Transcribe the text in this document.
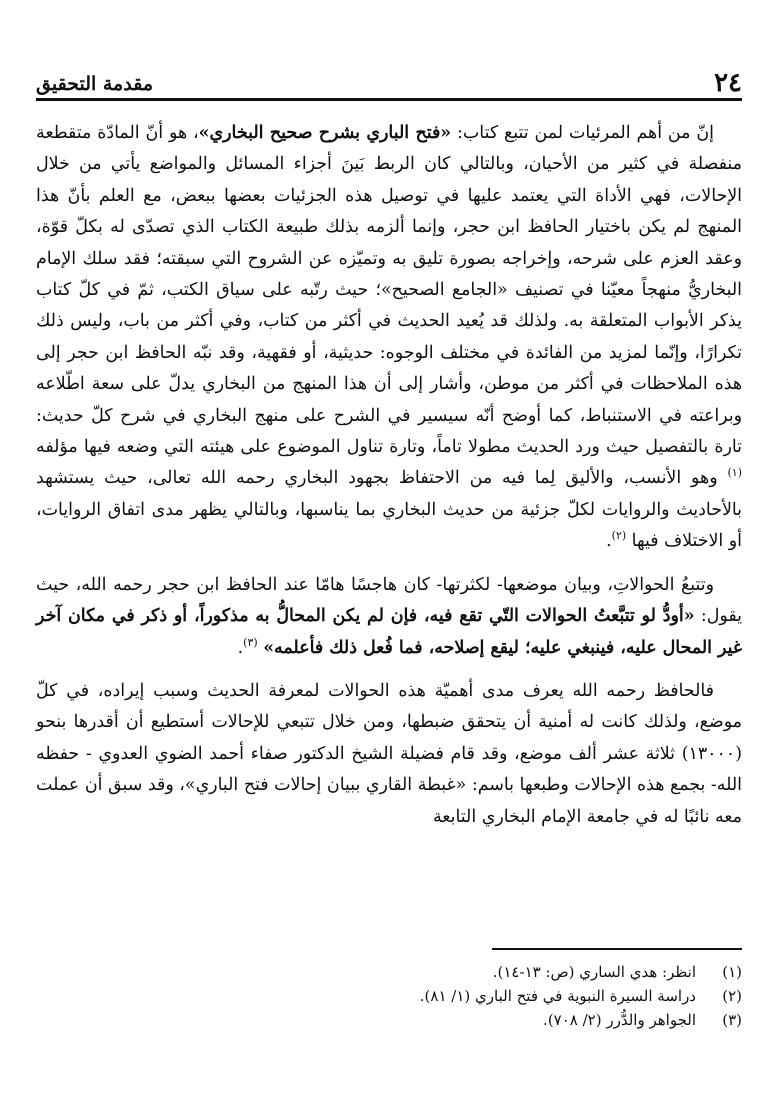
٢٤
مقدمة التحقيق

إنّ من أهم المرئيات لمن تتبع كتاب: «فتح الباري بشرح صحيح البخاري»، هو أنّ المادّة متقطعة منفصلة في كثير من الأحيان، وبالتالي كان الربط بَينَ أجزاء المسائل والمواضع يأتي من خلال الإحالات، فهي الأداة التي يعتمد عليها في توصيل هذه الجزئيات بعضها ببعض، مع العلم بأنّ هذا المنهج لم يكن باختيار الحافظ ابن حجر، وإنما ألزمه بذلك طبيعة الكتاب الذي تصدّى له بكلّ قوّة، وعقد العزم على شرحه، وإخراجه بصورة تليق به وتميّزه عن الشروح التي سبقته؛ فقد سلك الإمام البخاريُّ منهجاً معيّنا في تصنيف «الجامع الصحيح»؛ حيث رتّبه على سياق الكتب، ثمّ في كلّ كتاب يذكر الأبواب المتعلقة به. ولذلك قد يُعيد الحديث في أكثر من كتاب، وفي أكثر من باب، وليس ذلك تكرارًا، وإنّما لمزيد من الفائدة في مختلف الوجوه: حديثية، أو فقهية، وقد نبّه الحافظ ابن حجر إلى هذه الملاحظات في أكثر من موطن، وأشار إلى أن هذا المنهج من البخاري يدلّ على سعة اطّلاعه وبراعته في الاستنباط، كما أوضح أنّه سيسير في الشرح على منهج البخاري في شرح كلّ حديث: تارة بالتفصيل حيث ورد الحديث مطولا تاماً، وتارة تناول الموضوع على هيئته التي وضعه فيها مؤلفه $^{(١)}$ وهو الأنسب، والأليق لِما فيه من الاحتفاظ بجهود البخاري رحمه الله تعالى، حيث يستشهد بالأحاديث والروايات لكلّ جزئية من حديث البخاري بما يناسبها، وبالتالي يظهر مدى اتفاق الروايات، أو الاختلاف فيها $^{(٢)}$.

وتتبعُ الحوالاتِ، وبيان موضعها- لكثرتها- كان هاجسًا هامّا عند الحافظ ابن حجر رحمه الله، حيث يقول: «أودُّ لو تتبَّعتُ الحوالات التّي تقع فيه، فإن لم يكن المحالُّ به مذكوراً، أو ذكر في مكان آخر غير المحال عليه، فينبغي عليه؛ ليقع إصلاحه، فما فُعل ذلك فأعلمه» $^{(٣)}$.

فالحافظ رحمه الله يعرف مدى أهميّة هذه الحوالات لمعرفة الحديث وسبب إيراده، في كلّ موضع، ولذلك كانت له أمنية أن يتحقق ضبطها، ومن خلال تتبعي للإحالات أستطيع أن أقدرها بنحو (١٣٠٠٠) ثلاثة عشر ألف موضع، وقد قام فضيلة الشيخ الدكتور صفاء أحمد الضوي العدوي - حفظه الله- بجمع هذه الإحالات وطبعها باسم: «غبطة القاري ببيان إحالات فتح الباري»، وقد سبق أن عملت معه نائبًا له في جامعة الإمام البخاري التابعة

(١)
انظر: هدي الساري (ص: ١٣-١٤).
(٢)
دراسة السيرة النبوية في فتح الباري (١/ ٨١).
(٣)
الجواهر والدُّرر (٢/ ٧٠٨).
